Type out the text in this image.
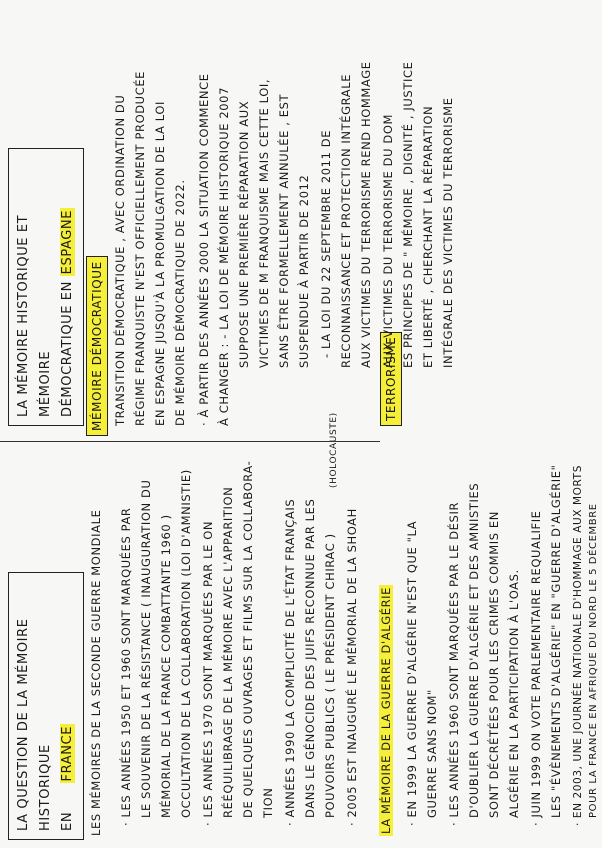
LA QUESTION DE LA MÉMOIRE HISTORIQUE EN      FRANCE	LES MÉMOIRES DE LA SECONDE GUERRE MONDIALE · LES ANNÉES 1950 ET 1960 SONT MARQUÉES PAR LE SOUVENIR DE LA RÉSISTANCE ( INAUGURATION DU MÉMORIAL DE LA FRANCE COMBATTANTE 1960 ) OCCULTATION DE LA COLLABORATION (LOI D'AMNISTIE) · LES ANNÉES 1970 SONT MARQUÉES PAR LE ON RÉÉQUILIBRAGE DE LA MÉMOIRE AVEC L'APPARITION DE QUELQUES OUVRAGES ET FILMS SUR LA COLLABORA- TION · ANNÉES 1990 LA COMPLICITÉ DE L'ÉTAT FRANÇAIS DANS LE GÉNOCIDE DES JUIFS RECONNUE PAR LES POUVOIRS PUBLICS ( LE PRÉSIDENT CHIRAC ) · 2005 EST INAUGURÉ LE MÉMORIAL DE LA SHOAH
(HOLOCAUSTE)
LA MÉMOIRE DE LA GUERRE D'ALGÉRIE · EN 1999 LA GUERRE D'ALGÉRIE N'EST QUE "LA GUERRE SANS NOM" · LES ANNÉES 1960 SONT MARQUÉES PAR LE DÉSIR D'OUBLIER LA GUERRE D'ALGÉRIE ET DES AMNISTIES SONT DÉCRÉTÉES POUR LES CRIMES COMMIS EN ALGÉRIE EN LA PARTICIPATION À L'OAS. · JUIN 1999 ON VOTE PARLEMENTAIRE REQUALIFIE LES "ÉVÈNEMENTS D'ALGÉRIE" EN "GUERRE D'ALGÉRIE" · EN 2003, UNE JOURNÉE NATIONALE D'HOMMAGE AUX MORTS POUR LA FRANCE EN AFRIQUE DU NORD LE 5 DÉCEMBRE
LA MÉMOIRE HISTORIQUE ET MÉMOIRE DÉMOCRATIQUE EN ESPAGNE
MÉMOIRE DÉMOCRATIQUE TRANSITION DÉMOCRATIQUE , AVEC ORDINATION DU RÉGIME FRANQUISTE N'EST OFFICIELLEMENT PRODUCÉE EN ESPAGNE JUSQU'À LA PROMULGATION DE LA LOI DE MÉMOIRE DÉMOCRATIQUE DE 2022. · À PARTIR DES ANNÉES 2000 LA SITUATION COMMENCE À CHANGER : - LA LOI DE MÉMOIRE HISTORIQUE 2007 SUPPOSE UNE PREMIÈRE RÉPARATION AUX VICTIMES DE M FRANQUISME MAIS CETTE LOI, SANS ÊTRE FORMELLEMENT ANNULÉE , EST SUSPENDUE À PARTIR DE 2012 - LA LOI DU 22 SEPTEMBRE 2011 DE RECONNAISSANCE ET PROTECTION INTÉGRALE AUX VICTIMES DU TERRORISME REND HOMMAGE
TERRORISME
AUX VICTIMES DU TERRORISME DU DOM ES PRINCIPES DE " MÉMOIRE , DIGNITÉ , JUSTICE ET LIBERTÉ , CHERCHANT LA RÉPARATION INTÉGRALE DES VICTIMES DU TERRORISME
